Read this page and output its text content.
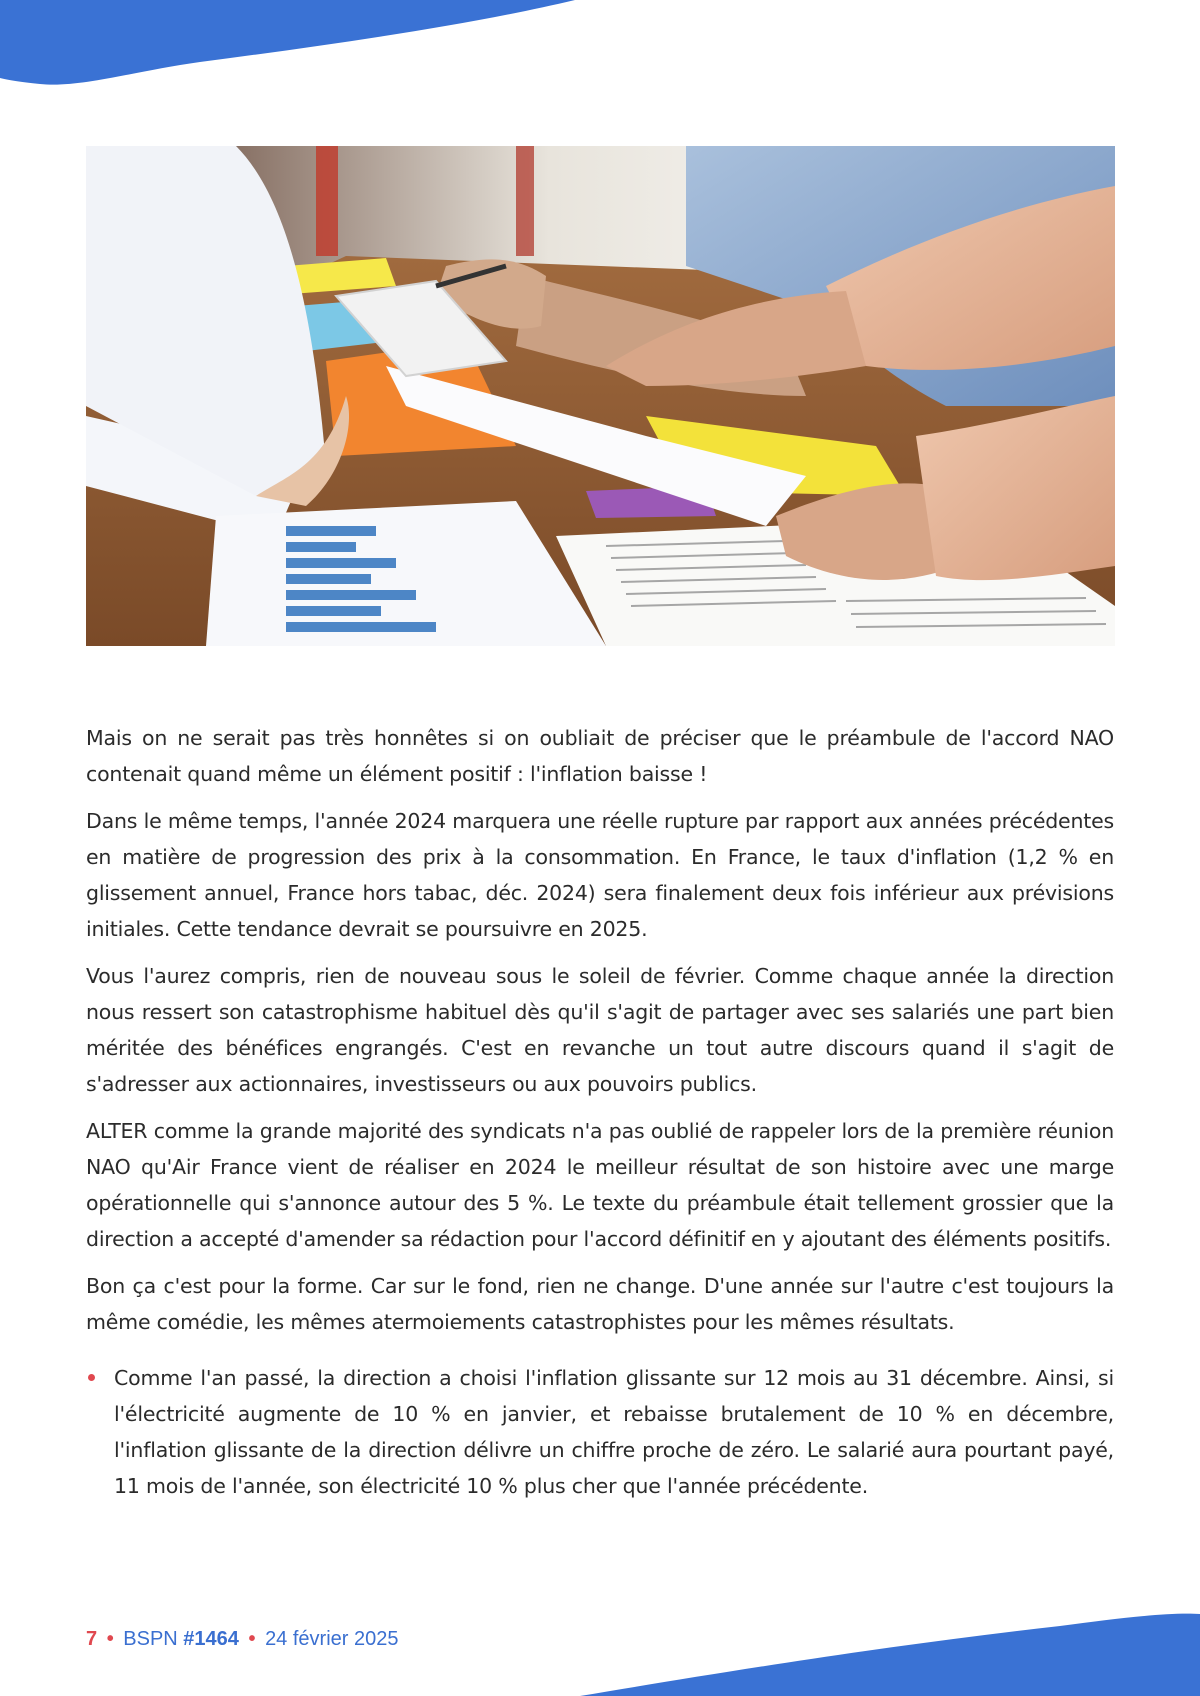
Mais on ne serait pas très honnêtes si on oubliait de préciser que le préambule de l'accord NAO contenait quand même un élément positif : l'inflation baisse !

Dans le même temps, l'année 2024 marquera une réelle rupture par rapport aux années précédentes en matière de progression des prix à la consommation. En France, le taux d'inflation (1,2 % en glissement annuel, France hors tabac, déc. 2024) sera finalement deux fois inférieur aux prévisions initiales. Cette tendance devrait se poursuivre en 2025.

Vous l'aurez compris, rien de nouveau sous le soleil de février. Comme chaque année la direction nous ressert son catastrophisme habituel dès qu'il s'agit de partager avec ses salariés une part bien méritée des bénéfices engrangés. C'est en revanche un tout autre discours quand il s'agit de s'adresser aux actionnaires, investisseurs ou aux pouvoirs publics.

ALTER comme la grande majorité des syndicats n'a pas oublié de rappeler lors de la première réunion NAO qu'Air France vient de réaliser en 2024 le meilleur résultat de son histoire avec une marge opérationnelle qui s'annonce autour des 5 %. Le texte du préambule était tellement grossier que la direction a accepté d'amender sa rédaction pour l'accord définitif en y ajoutant des éléments positifs.

Bon ça c'est pour la forme. Car sur le fond, rien ne change. D'une année sur l'autre c'est toujours la même comédie, les mêmes atermoiements catastrophistes pour les mêmes résultats.

Comme l'an passé, la direction a choisi l'inflation glissante sur 12 mois au 31 décembre. Ainsi, si l'électricité augmente de 10 % en janvier, et rebaisse brutalement de 10 % en décembre, l'inflation glissante de la direction délivre un chiffre proche de zéro. Le salarié aura pourtant payé, 11 mois de l'année, son électricité 10 % plus cher que l'année précédente.
7 • BSPN #1464 • 24 février 2025
